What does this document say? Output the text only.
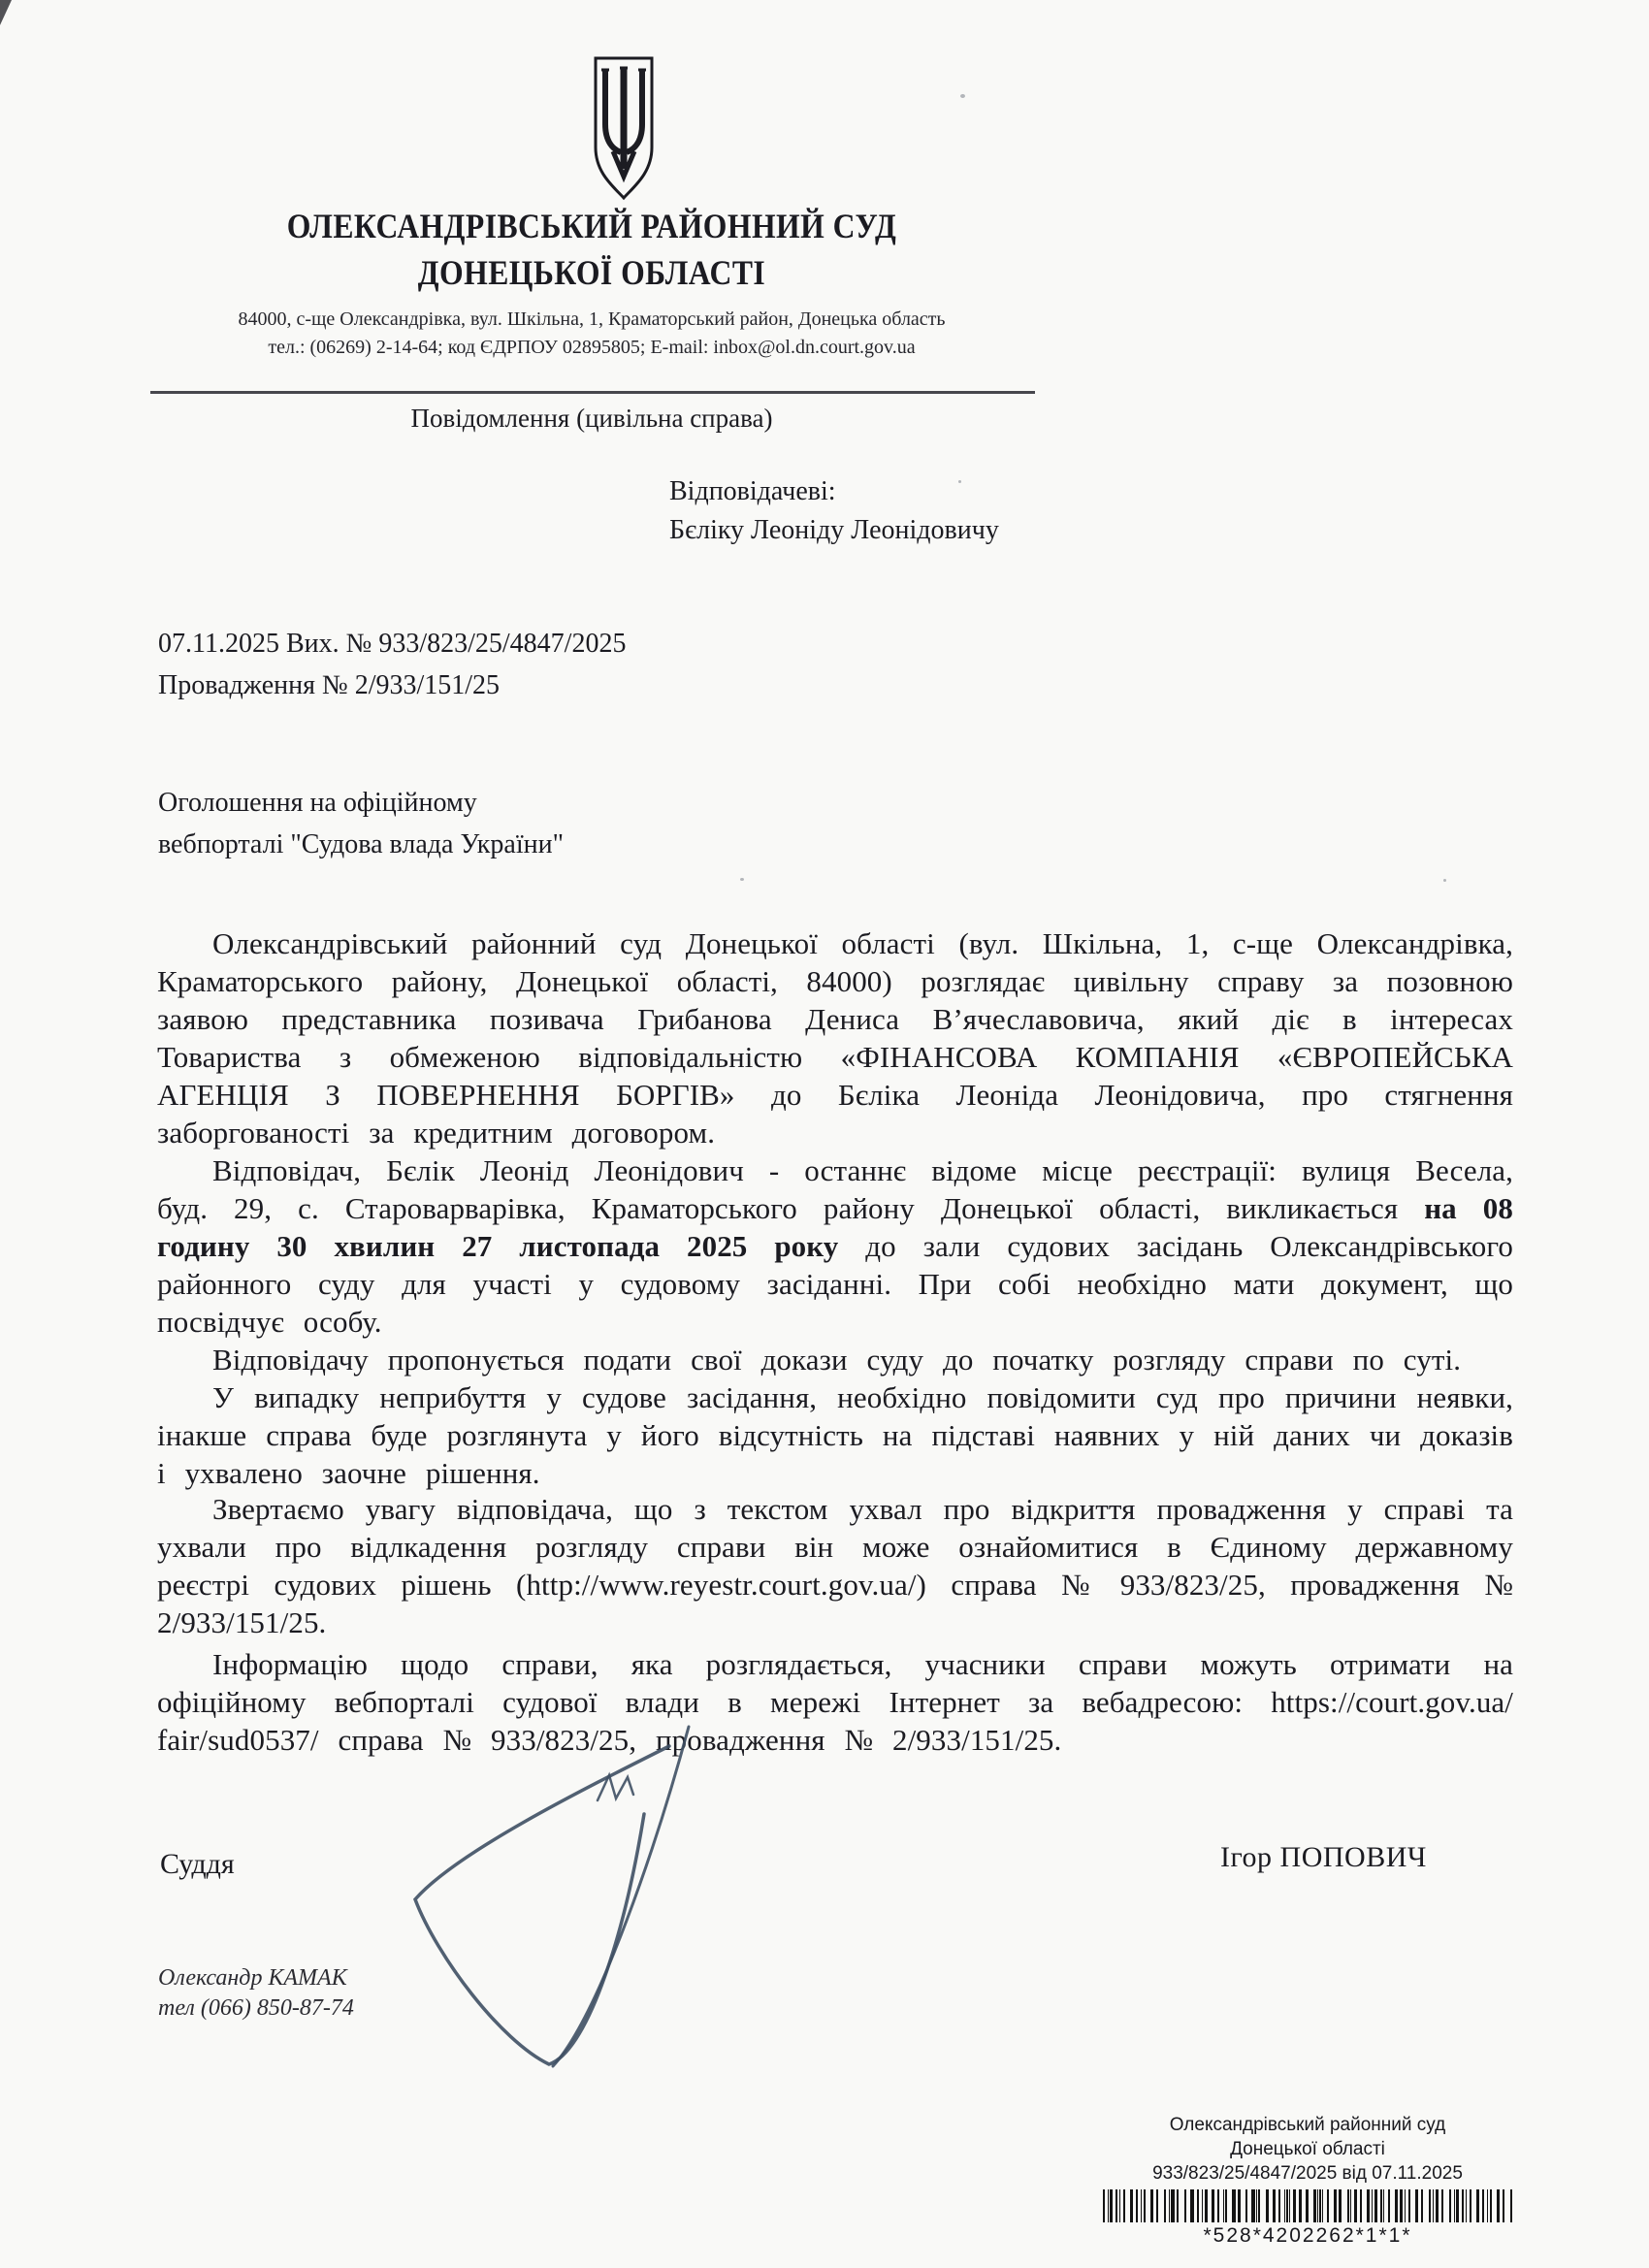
ОЛЕКСАНДРІВСЬКИЙ РАЙОННИЙ СУД
ДОНЕЦЬКОЇ ОБЛАСТІ
84000, с-ще Олександрівка, вул. Шкільна, 1, Краматорський район, Донецька область
тел.: (06269) 2-14-64; код ЄДРПОУ 02895805; E-mail: inbox@ol.dn.court.gov.ua
Повідомлення (цивільна справа)
Відповідачеві:
Бєліку Леоніду Леонідовичу
07.11.2025 Вих. № 933/823/25/4847/2025
Провадження № 2/933/151/25
Оголошення на офіційному
вебпорталі "Судова влада України"

Олександрівський районний суд Донецької області (вул. Шкільна, 1, с-ще Олександрівка, Краматорського району, Донецької області, 84000) розглядає цивільну справу за позовною заявою представника позивача Грибанова Дениса В’ячеславовича, який діє в інтересах Товариства з обмеженою відповідальністю «ФІНАНСОВА КОМПАНІЯ «ЄВРОПЕЙСЬКА АГЕНЦІЯ З ПОВЕРНЕННЯ БОРГІВ» до Бєліка Леоніда Леонідовича, про стягнення заборгованості за кредитним договором.

Відповідач, Бєлік Леонід Леонідович - останнє відоме місце реєстрації: вулиця Весела, буд. 29, с. Староварварівка, Краматорського району Донецької області, викликається на 08 годину 30 хвилин 27 листопада 2025 року до зали судових засідань Олександрівського районного суду для участі у судовому засіданні. При собі необхідно мати документ, що посвідчує особу.

Відповідачу пропонується подати свої докази суду до початку розгляду справи по суті.

У випадку неприбуття у судове засідання, необхідно повідомити суд про причини неявки, інакше справа буде розглянута у його відсутність на підставі наявних у ній даних чи доказів і ухвалено заочне рішення.

Звертаємо увагу відповідача, що з текстом ухвал про відкриття провадження у справі та ухвали про відлкадення розгляду справи він може ознайомитися в Єдиному державному реєстрі судових рішень (http://www.reyestr.court.gov.ua/) справа № 933/823/25, провадження № 2/933/151/25.

Інформацію щодо справи, яка розглядається, учасники справи можуть отримати на офіційному вебпорталі судової влади в мережі Інтернет за вебадресою: https://court.gov.ua/ fair/sud0537/ справа № 933/823/25, провадження № 2/933/151/25.

Суддя	Ігор ПОПОВИЧ
Олександр КАМАК
тел (066) 850-87-74
Олександрівський районний суд
Донецької області
933/823/25/4847/2025 від 07.11.2025
*528*4202262*1*1*
